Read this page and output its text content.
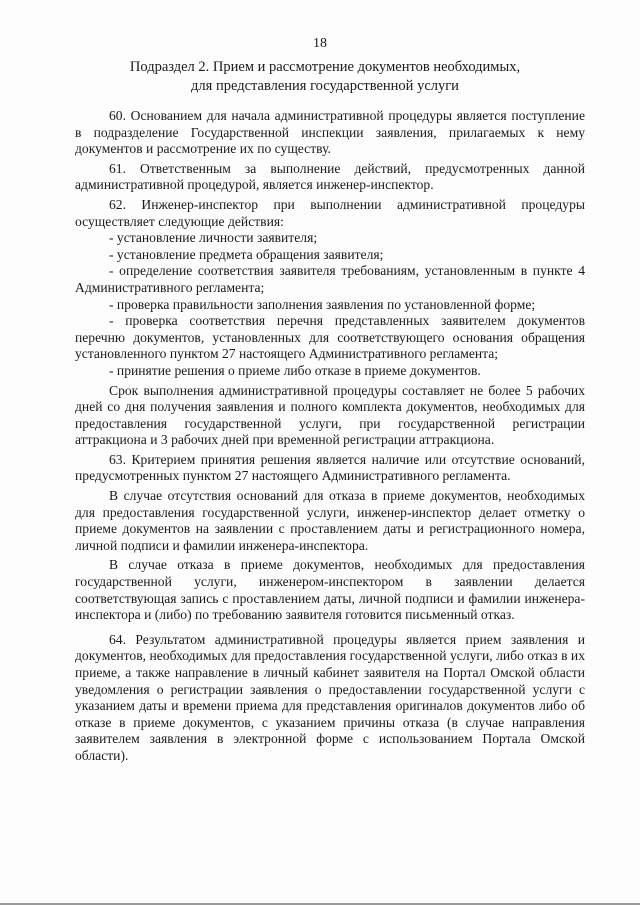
18
Подраздел 2. Прием и рассмотрение документов необходимых,
для представления государственной услуги

60. Основанием для начала административной процедуры является поступление в подразделение Государственной инспекции заявления, прилагаемых к нему документов и рассмотрение их по существу.

61. Ответственным за выполнение действий, предусмотренных данной административной процедурой, является инженер-инспектор.

62. Инженер-инспектор при выполнении административной процедуры осуществляет следующие действия:

- установление личности заявителя;

- установление предмета обращения заявителя;

- определение соответствия заявителя требованиям, установленным в пункте 4 Административного регламента;

- проверка правильности заполнения заявления по установленной форме;

- проверка соответствия перечня представленных заявителем документов перечню документов, установленных для соответствующего основания обращения установленного пунктом 27 настоящего Административного регламента;

- принятие решения о приеме либо отказе в приеме документов.

Срок выполнения административной процедуры составляет не более 5 рабочих дней со дня получения заявления и полного комплекта документов, необходимых для предоставления государственной услуги, при государственной регистрации аттракциона и 3 рабочих дней при временной регистрации аттракциона.

63. Критерием принятия решения является наличие или отсутствие оснований, предусмотренных пунктом 27 настоящего Административного регламента.

В случае отсутствия оснований для отказа в приеме документов, необходимых для предоставления государственной услуги, инженер-инспектор делает отметку о приеме документов на заявлении с проставлением даты и регистрационного номера, личной подписи и фамилии инженера-инспектора.

В случае отказа в приеме документов, необходимых для предоставления государственной услуги, инженером-инспектором в заявлении делается соответствующая запись с проставлением даты, личной подписи и фамилии инженера-инспектора и (либо) по требованию заявителя готовится письменный отказ.

64. Результатом административной процедуры является прием заявления и документов, необходимых для предоставления государственной услуги, либо отказ в их приеме, а также направление в личный кабинет заявителя на Портал Омской области уведомления о регистрации заявления о предоставлении государственной услуги с указанием даты и времени приема для представления оригиналов документов либо об отказе в приеме документов, с указанием причины отказа (в случае направления заявителем заявления в электронной форме с использованием Портала Омской области).
